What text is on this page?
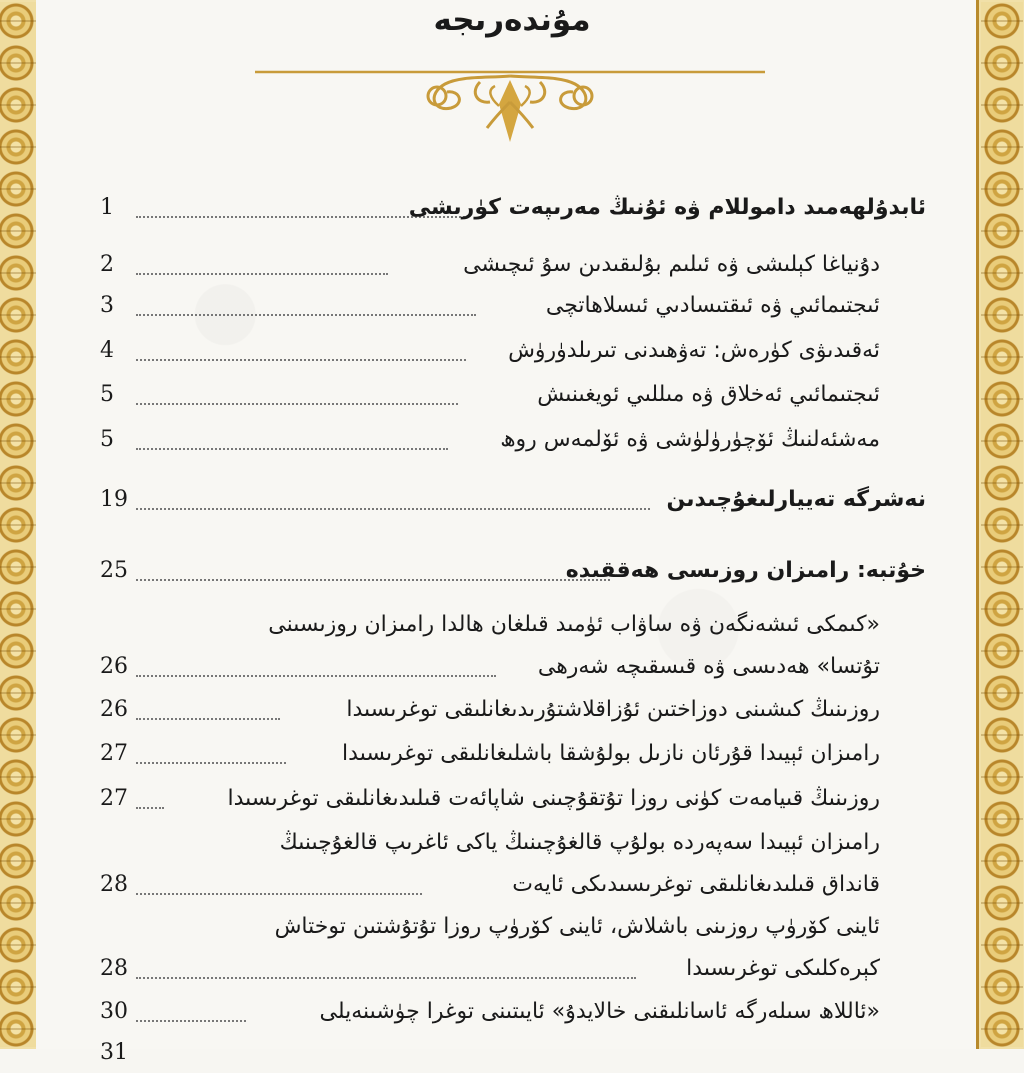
مۇندەرىجە
1	ئابدۇلھەمىد داموللام ۋە ئۇنىڭ مەرىپەت كۈرىشى
2	دۇنياغا كېلىشى ۋە ئىلىم بۇلىقىدىن سۇ ئىچىشى
3	ئىجتىمائىي ۋە ئىقتىسادىي ئىسلاھاتچى
4	ئەقىدىۋى كۈرەش: تەۋھىدنى تىرىلدۈرۈش
5	ئىجتىمائىي ئەخلاق ۋە مىللىي ئويغىنىش
5	مەشئەلنىڭ ئۆچۈرۈلۈشى ۋە ئۆلمەس روھ
19	نەشرگە تەييارلىغۇچىدىن
25	خۇتبە: رامىزان روزىسى ھەققىدە
«كىمكى ئىشەنگەن ۋە ساۋاب ئۈمىد قىلغان ھالدا رامىزان روزىسىنى
26	تۇتسا» ھەدىسى ۋە قىسقىچە شەرھى
26	روزىنىڭ كىشىنى دوزاختىن ئۇزاقلاشتۇرىدىغانلىقى توغرىسىدا
27	رامىزان ئېيىدا قۇرئان نازىل بولۇشقا باشلىغانلىقى توغرىسىدا
27	روزىنىڭ قىيامەت كۈنى روزا تۇتقۇچىنى شاپائەت قىلىدىغانلىقى توغرىسىدا
رامىزان ئېيىدا سەپەردە بولۇپ قالغۇچىنىڭ ياكى ئاغرىپ قالغۇچىنىڭ
28	قانداق قىلىدىغانلىقى توغرىسىدىكى ئايەت
ئاينى كۆرۈپ روزىنى باشلاش، ئاينى كۆرۈپ روزا تۇتۇشتىن توختاش
28	كېرەكلىكى توغرىسىدا
30	«ئاللاھ سىلەرگە ئاسانلىقنى خالايدۇ» ئايىتىنى توغرا چۈشىنەيلى
31
